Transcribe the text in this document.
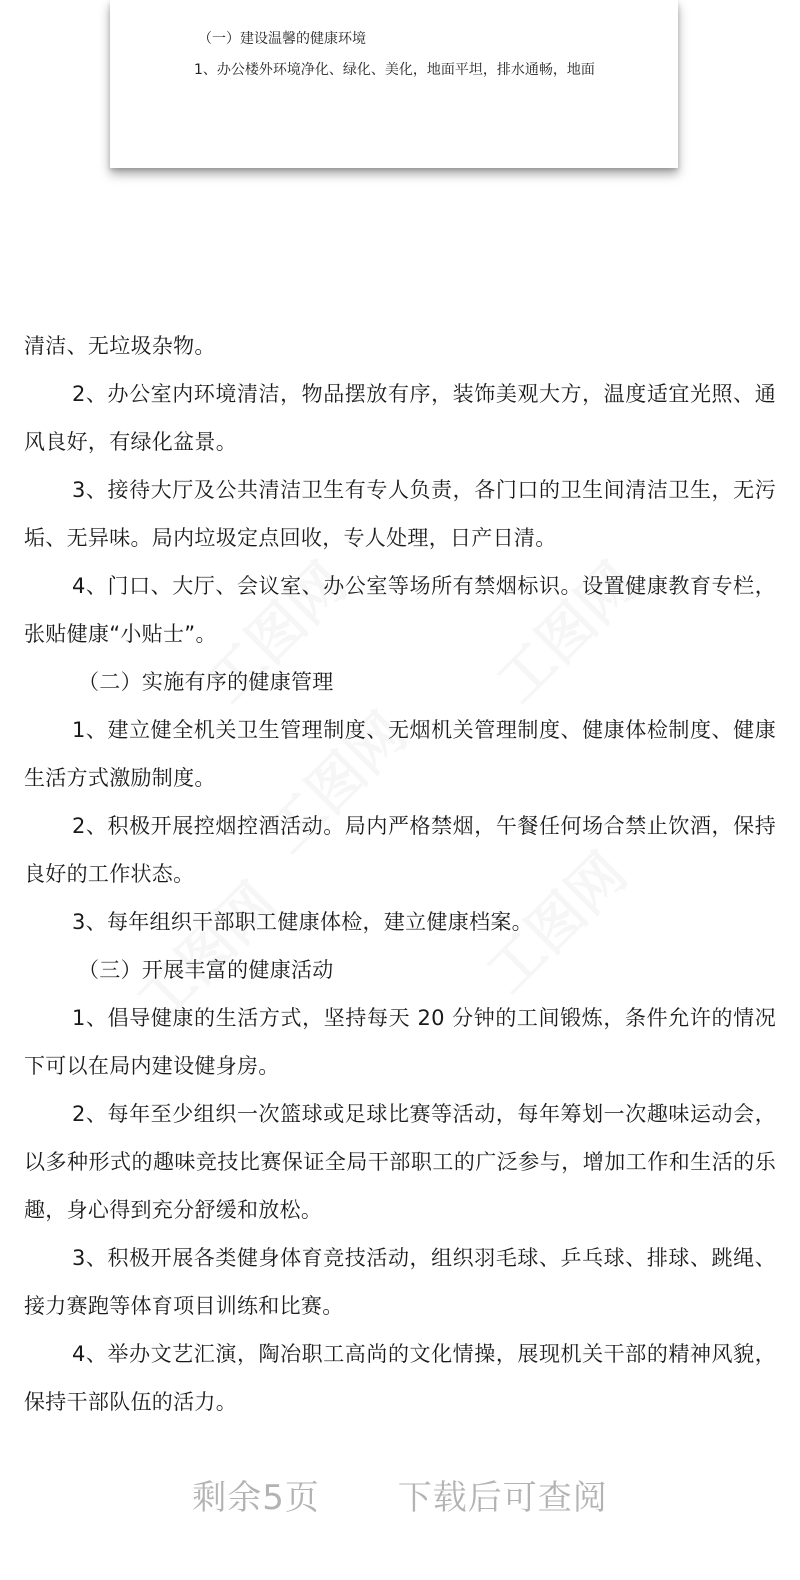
（一）建设温馨的健康环境
1、办公楼外环境净化、绿化、美化，地面平坦，排水通畅，地面

清洁、无垃圾杂物。

2、办公室内环境清洁，物品摆放有序，装饰美观大方，温度适宜光照、通风良好，有绿化盆景。

3、接待大厅及公共清洁卫生有专人负责，各门口的卫生间清洁卫生，无污垢、无异味。局内垃圾定点回收，专人处理，日产日清。

4、门口、大厅、会议室、办公室等场所有禁烟标识。设置健康教育专栏，张贴健康“小贴士”。

（二）实施有序的健康管理

1、建立健全机关卫生管理制度、无烟机关管理制度、健康体检制度、健康生活方式激励制度。

2、积极开展控烟控酒活动。局内严格禁烟，午餐任何场合禁止饮酒，保持良好的工作状态。

3、每年组织干部职工健康体检，建立健康档案。

（三）开展丰富的健康活动

1、倡导健康的生活方式，坚持每天 20 分钟的工间锻炼，条件允许的情况下可以在局内建设健身房。

2、每年至少组织一次篮球或足球比赛等活动，每年筹划一次趣味运动会，以多种形式的趣味竞技比赛保证全局干部职工的广泛参与，增加工作和生活的乐趣，身心得到充分舒缓和放松。

3、积极开展各类健身体育竞技活动，组织羽毛球、乒乓球、排球、跳绳、接力赛跑等体育项目训练和比赛。

4、举办文艺汇演，陶冶职工高尚的文化情操，展现机关干部的精神风貌，保持干部队伍的活力。

剩余5页 下载后可查阅
